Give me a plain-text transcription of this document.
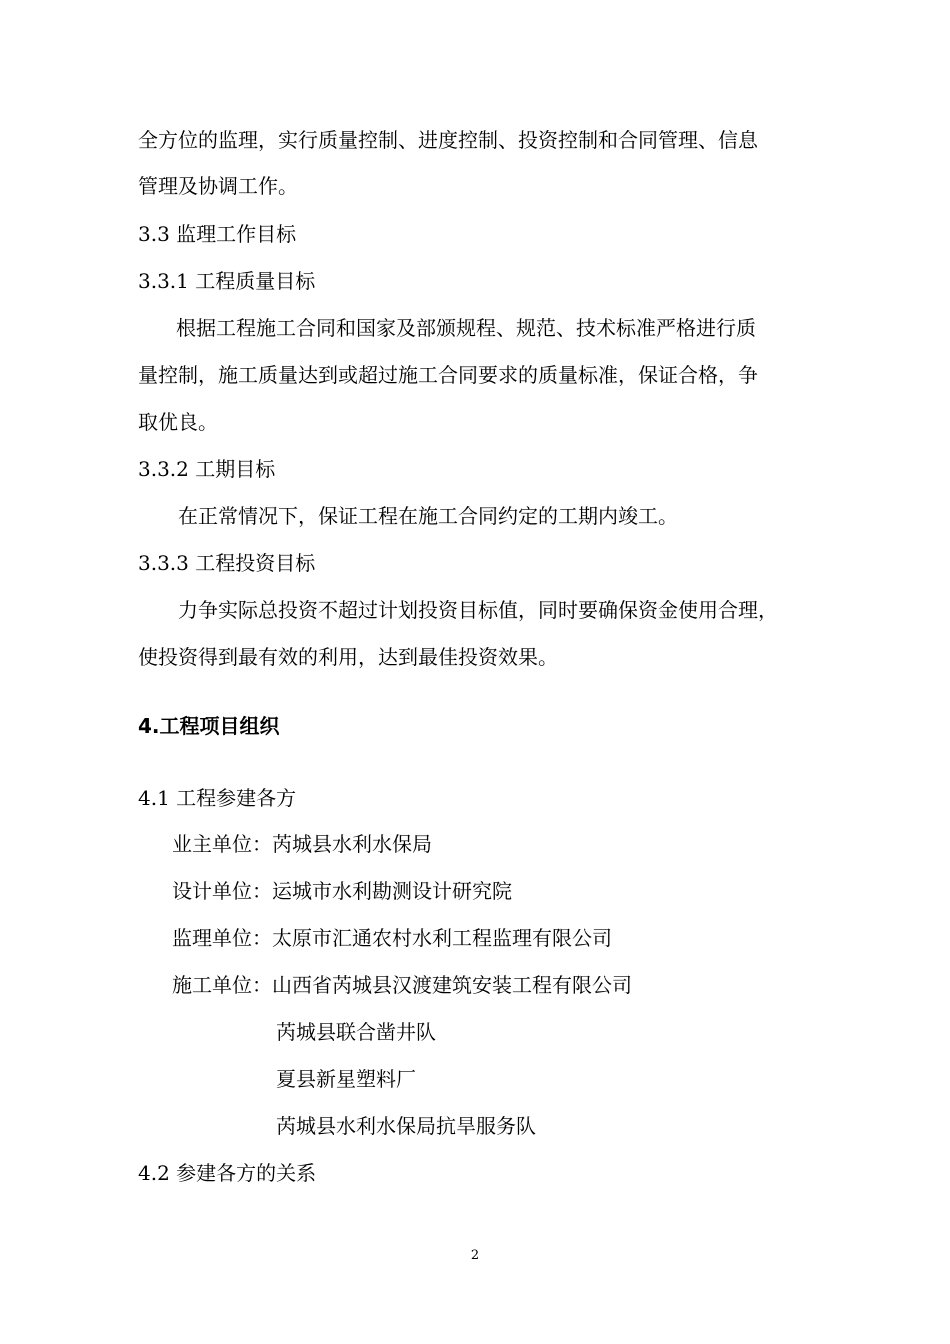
全方位的监理，实行质量控制、进度控制、投资控制和合同管理、信息
管理及协调工作。
3.3 监理工作目标
3.3.1 工程质量目标
根据工程施工合同和国家及部颁规程、规范、技术标准严格进行质
量控制，施工质量达到或超过施工合同要求的质量标准，保证合格，争
取优良。
3.3.2 工期目标
在正常情况下，保证工程在施工合同约定的工期内竣工。
3.3.3 工程投资目标
力争实际总投资不超过计划投资目标值，同时要确保资金使用合理，
使投资得到最有效的利用，达到最佳投资效果。
4.工程项目组织
4.1 工程参建各方
业主单位：芮城县水利水保局
设计单位：运城市水利勘测设计研究院
监理单位：太原市汇通农村水利工程监理有限公司
施工单位：山西省芮城县汉渡建筑安装工程有限公司
芮城县联合凿井队
夏县新星塑料厂
芮城县水利水保局抗旱服务队
4.2 参建各方的关系
2
